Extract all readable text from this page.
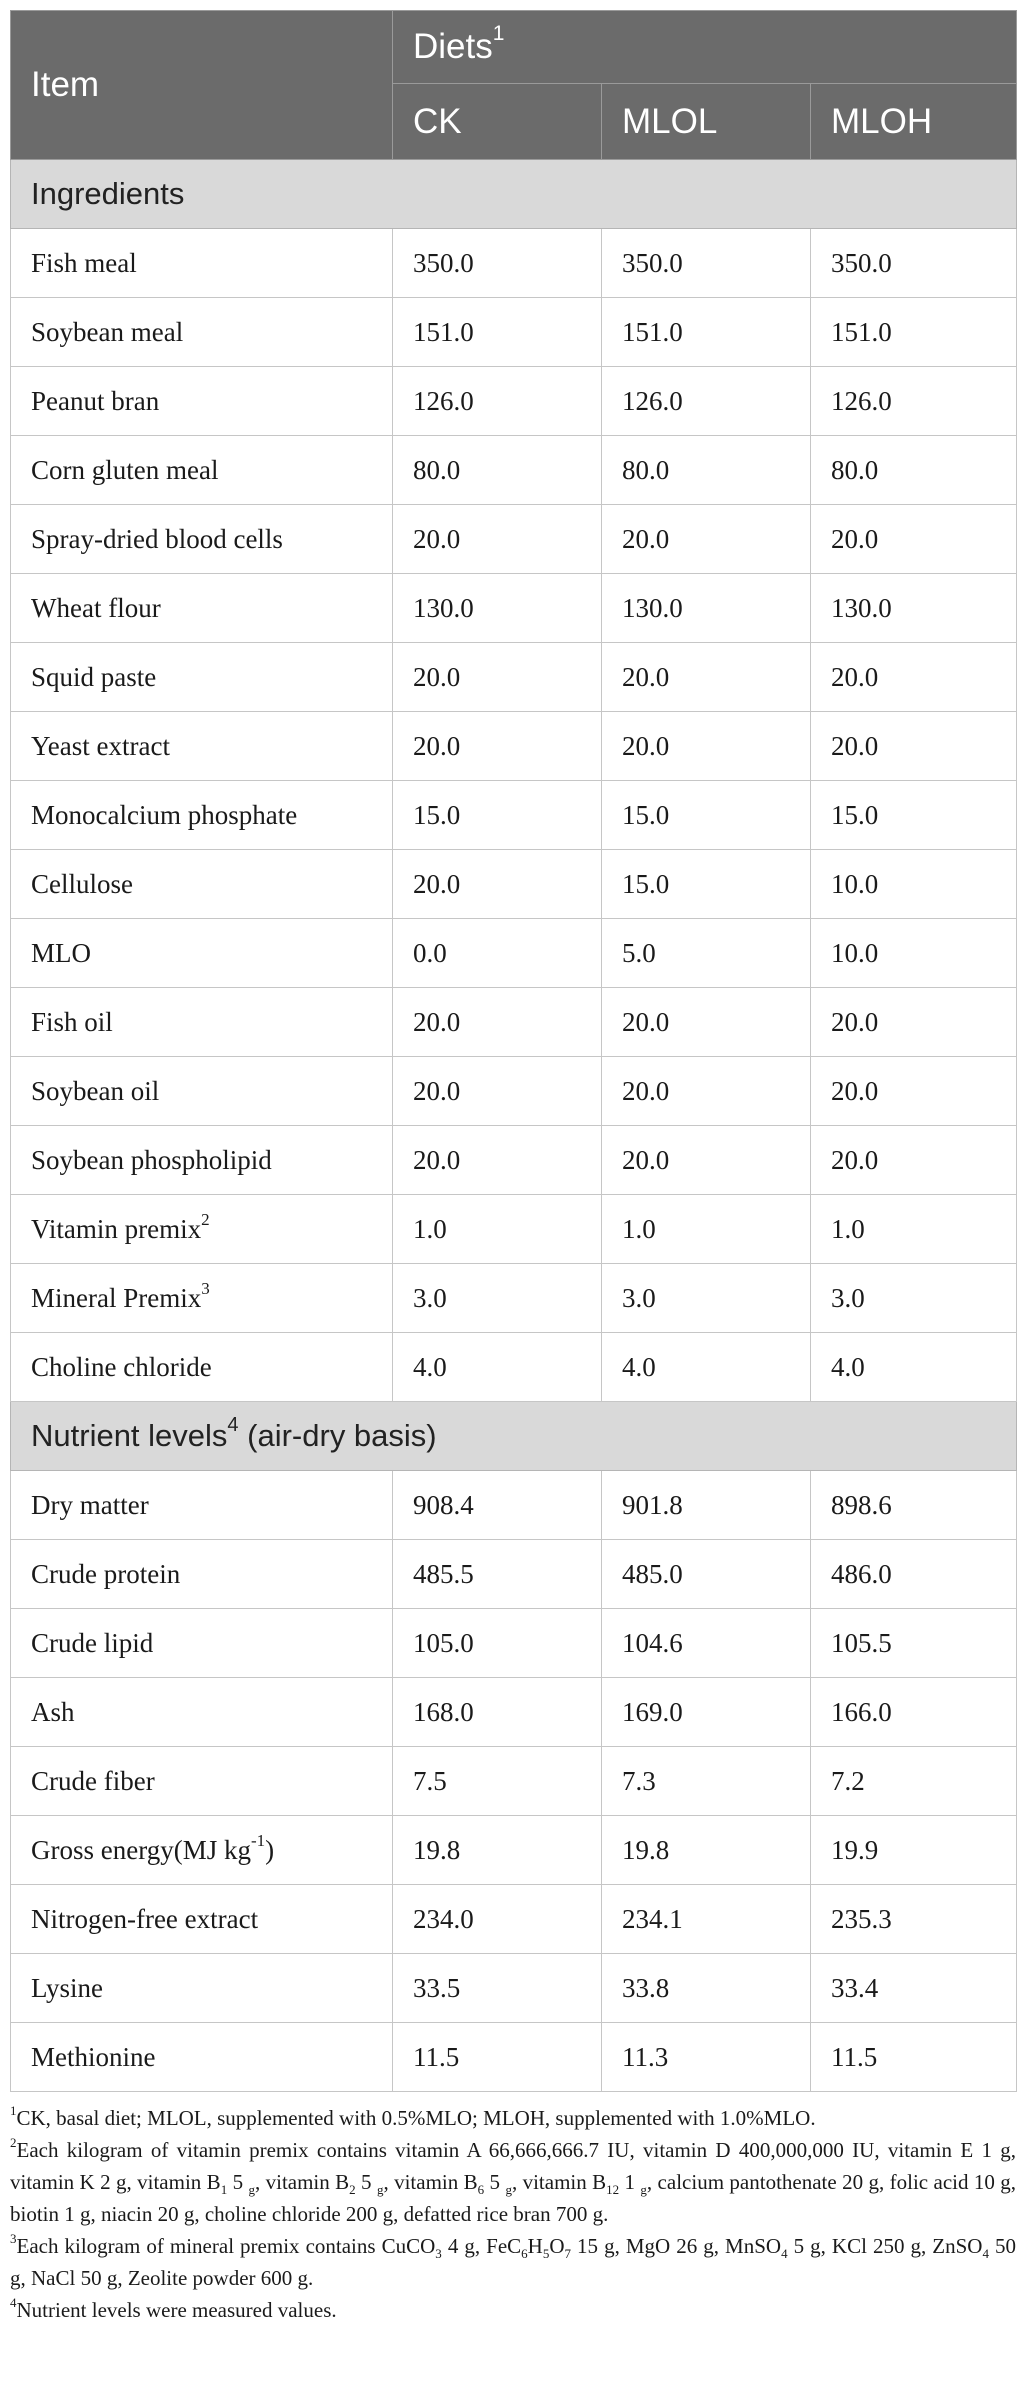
Item	Diets$^1$
	CK	MLOL	MLOH
Ingredients			
Fish meal	350.0	350.0	350.0
Soybean meal	151.0	151.0	151.0
Peanut bran	126.0	126.0	126.0
Corn gluten meal	80.0	80.0	80.0
Spray-dried blood cells	20.0	20.0	20.0
Wheat flour	130.0	130.0	130.0
Squid paste	20.0	20.0	20.0
Yeast extract	20.0	20.0	20.0
Monocalcium phosphate	15.0	15.0	15.0
Cellulose	20.0	15.0	10.0
MLO	0.0	5.0	10.0
Fish oil	20.0	20.0	20.0
Soybean oil	20.0	20.0	20.0
Soybean phospholipid	20.0	20.0	20.0
Vitamin premix$^2$	1.0	1.0	1.0
Mineral Premix$^3$	3.0	3.0	3.0
Choline chloride	4.0	4.0	4.0
Nutrient levels$^4$ (air-dry basis)			
Dry matter	908.4	901.8	898.6
Crude protein	485.5	485.0	486.0
Crude lipid	105.0	104.6	105.5
Ash	168.0	169.0	166.0
Crude fiber	7.5	7.3	7.2
Gross energy(MJ $kg^{-1}$)	19.8	19.8	19.9
Nitrogen-free extract	234.0	234.1	235.3
Lysine	33.5	33.8	33.4
Methionine	11.5	11.3	11.5

$^1$CK, basal diet; MLOL, supplemented with 0.5%MLO; MLOH, supplemented with 1.0%MLO.

$^2$Each kilogram of vitamin premix contains vitamin A 66,666,666.7 IU, vitamin D 400,000,000 IU, vitamin E 1 g, vitamin K 2 g, vitamin $B_1$ 5 $_g$, vitamin $B_2$ 5 $_g$, vitamin $B_6$ 5 $_g$, vitamin $B_{12}$ 1 $_g$, calcium pantothenate 20 g, folic acid 10 g, biotin 1 g, niacin 20 g, choline chloride 200 g, defatted rice bran 700 g.

$^3$Each kilogram of mineral premix contains CuCO$_3$ 4 g, $FeC_6H_5O_7$ 15 g, MgO 26 g, MnSO$_4$ 5 g, KCl 250 g, ZnSO$_4$ 50 g, NaCl 50 g, Zeolite powder 600 g.

$^4$Nutrient levels were measured values.
